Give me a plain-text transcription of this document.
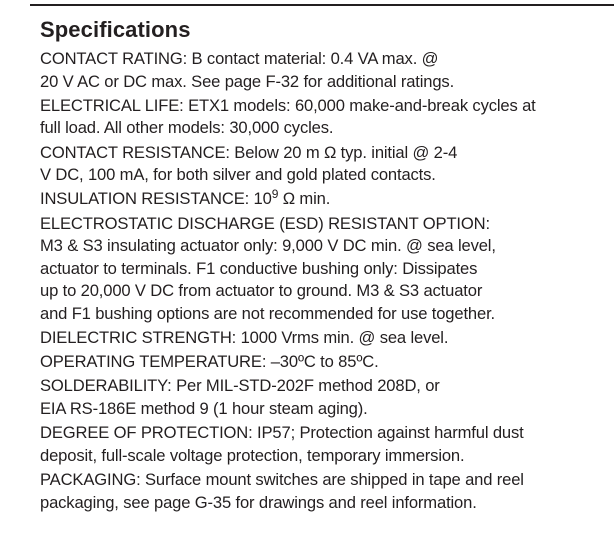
Specifications

CONTACT RATING: B contact material: 0.4 VA max. @
20 V AC or DC max. See page F-32 for additional ratings.

ELECTRICAL LIFE: ETX1 models: 60,000 make-and-break cycles at
full load. All other models: 30,000 cycles.

CONTACT RESISTANCE: Below 20 m Ω typ. initial @ 2-4
V DC, 100 mA, for both silver and gold plated contacts.

INSULATION RESISTANCE: $10^9$ Ω min.

ELECTROSTATIC DISCHARGE (ESD) RESISTANT OPTION:
M3 & S3 insulating actuator only: 9,000 V DC min. @ sea level,
actuator to terminals. F1 conductive bushing only: Dissipates
up to 20,000 V DC from actuator to ground. M3 & S3 actuator
and F1 bushing options are not recommended for use together.

DIELECTRIC STRENGTH: 1000 Vrms min. @ sea level.

OPERATING TEMPERATURE: –30ºC to 85ºC.

SOLDERABILITY: Per MIL-STD-202F method 208D, or
EIA RS-186E method 9 (1 hour steam aging).

DEGREE OF PROTECTION: IP57; Protection against harmful dust
deposit, full-scale voltage protection, temporary immersion.

PACKAGING: Surface mount switches are shipped in tape and reel
packaging, see page G-35 for drawings and reel information.
